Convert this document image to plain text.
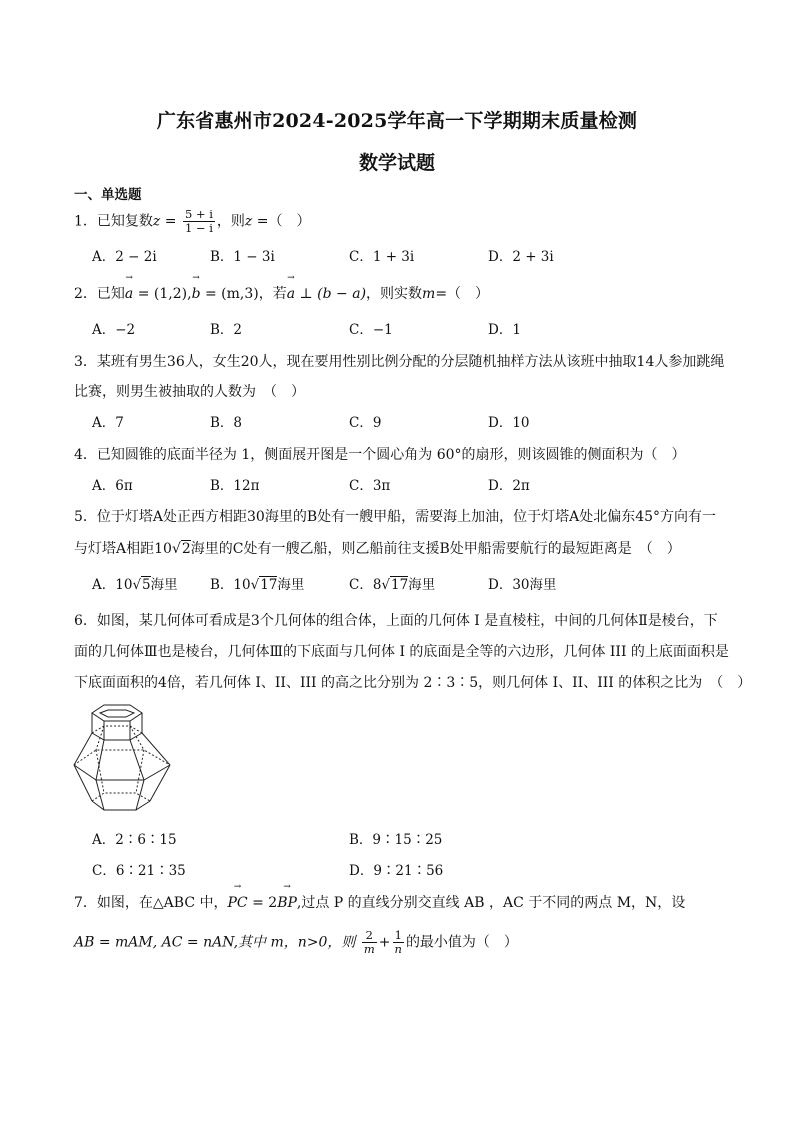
广东省惠州市2024-2025学年高一下学期期末质量检测
数学试题
一、单选题
1．已知复数$z = \frac{5 + i}{1 - i}$ ，则z =（　）
A．2 − 2i	B．1 − 3i	C．1 + 3i	D．2 + 3i
2．已知→ a = (1,2),→ b = (m,3)，若→ a ⊥ (b − a)，则实数m=（　）
A．−2	B．2	C．−1	D．1
3．某班有男生36人，女生20人，现在要用性别比例分配的分层随机抽样方法从该班中抽取14人参加跳绳
比赛，则男生被抽取的人数为　（　）
A．7	B．8	C．9	D．10
4．已知圆锥的底面半径为 1，侧面展开图是一个圆心角为 60°的扇形，则该圆锥的侧面积为（　）
A．6π	B．12π	C．3π	D．2π
5．位于灯塔A处正西方相距30海里的B处有一艘甲船，需要海上加油，位于灯塔A处北偏东45°方向有一
与灯塔A相距10√2海里的C处有一艘乙船，则乙船前往支援B处甲船需要航行的最短距离是　（　）
A．10√5海里 B．10√17海里	C．8√17海里	D．30海里
6．如图，某几何体可看成是3个几何体的组合体，上面的几何体 I 是直棱柱，中间的几何体Ⅱ是棱台，下
面的几何体Ⅲ也是棱台，几何体Ⅲ的下底面与几何体 I 的底面是全等的六边形，几何体 III 的上底面面积是
下底面面积的4倍，若几何体 I、II、III 的高之比分别为 2∶3∶5，则几何体 I、II、III 的体积之比为　（　）
A．2∶6∶15	B．9∶15∶25
C．6∶21∶35	D．9∶21∶56
7．如图，在△ABC 中，→ PC = 2→ BP,过点 P 的直线分别交直线 AB ，AC 于不同的两点 M，N，设
AB = mAM, AC = nAN,其中 m，n>0，则 $\frac{2}{m} + \frac{1}{n}$ 的最小值为（　）
